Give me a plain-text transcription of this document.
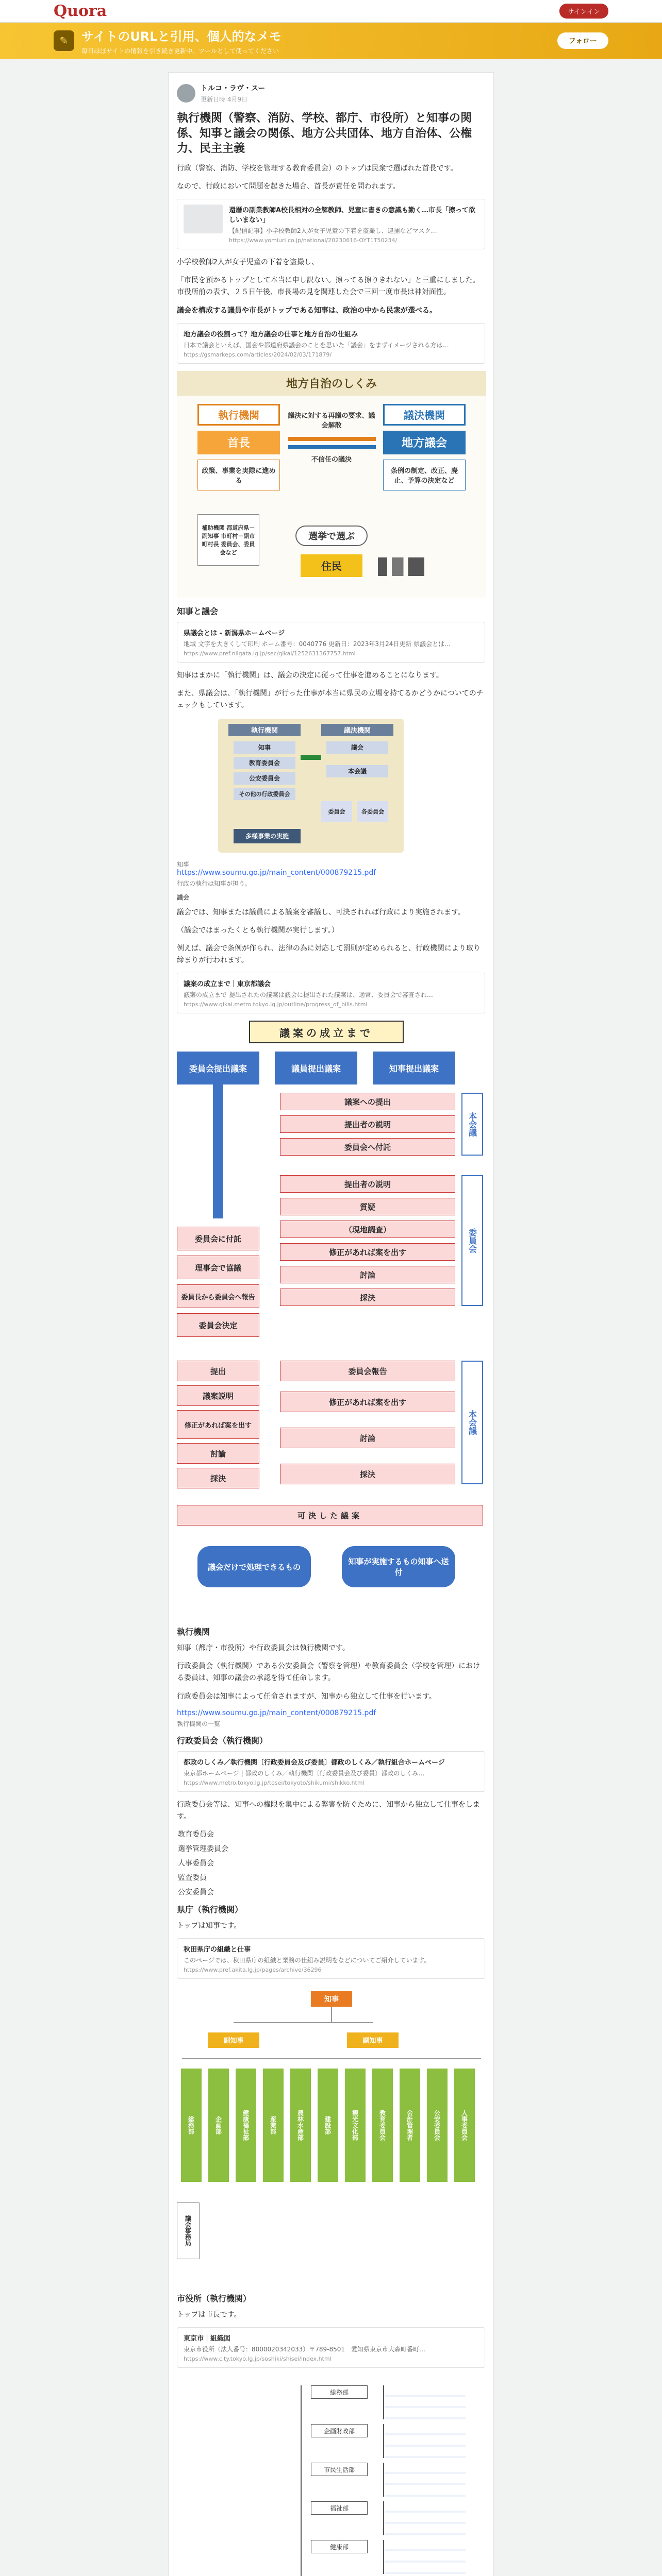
Quora	サインイン
✎	サイトのURLと引用、個人的なメモ
毎日ほぼサイトの情報を引き続き更新中。ツールとして使ってください
フォロー
トルコ・ラヴ・スー
更新日時 4月9日
執行機関（警察、消防、学校、都庁、市役所）と知事の関係、知事と議会の関係、地方公共団体、地方自治体、公権力、民主主義

行政（警察、消防、学校を管理する教育委員会）のトップは民衆で選ばれた首長です。

なので、行政において問題を起きた場合、首長が責任を問われます。

還暦の副業教師A校長相対の全解教師、児童に書きの意識も勤く…市長「擦って欲しいまない」
【配信記事】小学校教師2人が女子児童の下着を盗撮し、逮捕などマスク…
https://www.yomiuri.co.jp/national/20230616-OYT1T50234/

小学校教師2人が女子児童の下着を盗撮し、

「市民を預かるトップとして本当に申し訳ない。擦ってる擦りきれない」と三重にしました。市役所前の表す、２５日午後、市長場の見を関連した会で三回一度市長は神対面性。

議会を構成する議員や市長がトップである知事は、政治の中から民衆が選べる。

地方議会の役割って？地方議会の仕事と地方自治の仕組み
日本で議会といえば、国会や都道府県議会のことを思いた「議会」をまずイメージされる方は…
https://gsmarkeps.com/articles/2024/02/03/171879/
地方自治のしくみ
執行機関	議決機関
首長	地方議会
議決に対する再議の要求、議会解散
不信任の議決
政策、事業を実際に進める
条例の制定、改正、廃止、予算の決定など
補助機関 都道府県－副知事 市町村－副市町村長 委員会、委員会など
選挙で選ぶ
住民
知事と議会
県議会とは - 新潟県ホームページ
地域 文字を大きくして印刷 ホーム番号：0040776 更新日：2023年3月24日更新 県議会とは…
https://www.pref.niigata.lg.jp/sec/gikai/1252631367757.html

知事はまかに「執行機関」は、議会の決定に従って仕事を進めることになります。

また、県議会は、「執行機関」が行った仕事が本当に県民の立場を持てるかどうかについてのチェックもしています。

執行機関	議決機関
知事
教育委員会
公安委員会
その他の行政委員会
議会
本会議
委員会	各委員会
多様事業の実施
知事
https://www.soumu.go.jp/main_content/000879215.pdf
行政の執行は知事が担う。
議会

議会では、知事または議員による議案を審議し、可決されれば行政により実施されます。

（議会ではまったくとも執行機関が実行します。）

例えば、議会で条例が作られ、法律の為に対応して罰則が定められると、行政機関により取り締まりが行われます。

議案の成立まで｜東京都議会
議案の成立まで 提出されたの議案は議会に提出された議案は、通常、委員会で審査され…
https://www.gikai.metro.tokyo.lg.jp/outline/progress_of_bills.html
議案の成立まで
委員会提出議案	議員提出議案	知事提出議案
議案への提出
提出者の説明
委員会へ付託
本会議
委員会に付託
理事会で協議
委員長から委員会へ報告
委員会決定
提出者の説明
質疑
（現地調査）
修正があれば案を出す
討論
採決
委員会
提出
議案説明
修正があれば案を出す
討論
採決
委員会報告
修正があれば案を出す
討論
採決
本会議
可決した議案
議会だけで処理できるもの
知事が実施するもの知事へ送付
執行機関

知事（都庁・市役所）や行政委員会は執行機関です。

行政委員会（執行機関）である公安委員会（警察を管理）や教育委員会（学校を管理）における委員は、知事の議会の承認を得て任命します。

行政委員会は知事によって任命されますが、知事から独立して仕事を行います。

https://www.soumu.go.jp/main_content/000879215.pdf
執行機関の一覧
行政委員会（執行機関）
都政のしくみ／執行機関〔行政委員会及び委員〕都政のしくみ／執行組合ホームページ
東京都ホームページ | 都政のしくみ／執行機関〔行政委員会及び委員〕都政のしくみ…
https://www.metro.tokyo.lg.jp/tosei/tokyoto/shikumi/shikko.html

行政委員会等は、知事への権限を集中による弊害を防ぐために、知事から独立して仕事をします。

教育委員会
選挙管理委員会
人事委員会
監査委員
公安委員会
県庁（執行機関）

トップは知事です。

秋田県庁の組織と仕事
このページでは、秋田県庁の組織と業務の仕組み説明をなどについてご紹介しています。
https://www.pref.akita.lg.jp/pages/archive/36296
知事
副知事	副知事
総務部	企画部	健康福祉部	産業部	農林水産部	建設部	観光文化部	教育委員会	会計管理者	公安委員会	人事委員会
議会事務局
市役所（執行機関）

トップは市長です。

東京市｜組織図
東京市役所（法人番号：8000020342033）〒789-8501　愛知県東京市大森町番町…
https://www.city.tokyo.lg.jp/soshiki/shisei/index.html
総務部
企画財政部
市民生活部
福祉部
健康部
